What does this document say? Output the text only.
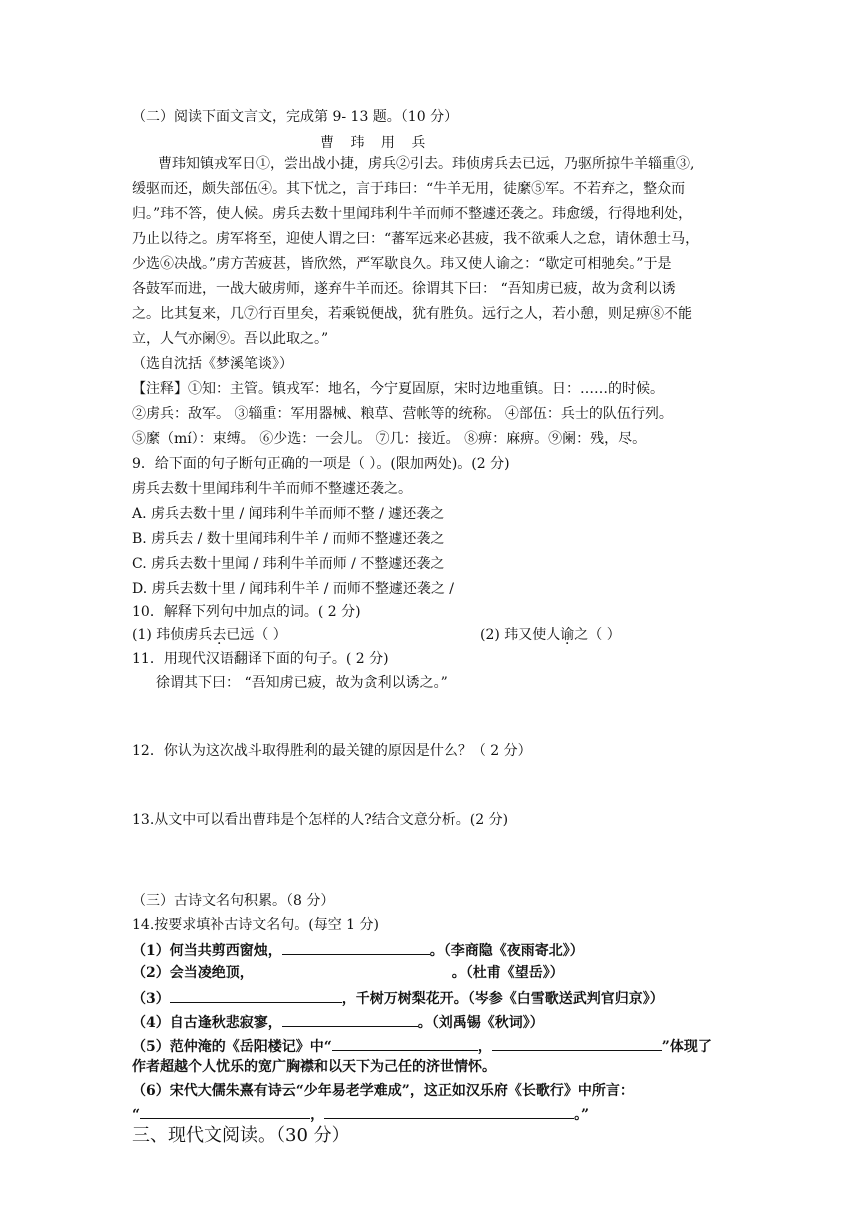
（二）阅读下面文言文，完成第 9- 13 题。（10 分）
曹 玮 用 兵
曹玮知镇戎军日①，尝出战小捷，虏兵②引去。玮侦虏兵去已远，乃驱所掠牛羊辎重③,
缓驱而还，颇失部伍④。其下忧之，言于玮曰：“牛羊无用，徒縻⑤军。不若弃之，整众而
归。”玮不答，使人候。虏兵去数十里闻玮利牛羊而师不整遽还袭之。玮愈缓，行得地利处，
乃止以待之。虏军将至，迎使人谓之曰：“蕃军远来必甚疲，我不欲乘人之怠，请休憩士马，
少选⑥决战。”虏方苦疲甚，皆欣然，严军歇良久。玮又使人谕之：“歇定可相驰矣。”于是
各鼓军而进，一战大破虏师，遂弃牛羊而还。徐谓其下曰： “吾知虏已疲，故为贪利以诱
之。比其复来，几⑦行百里矣，若乘锐便战，犹有胜负。远行之人，若小憩，则足痹⑧不能
立，人气亦阑⑨。吾以此取之。”
（选自沈括《梦溪笔谈》）
【注释】①知：主管。镇戎军：地名，今宁夏固原，宋时边地重镇。日：……的时候。
②虏兵：敌军。 ③辎重：军用器械、粮草、营帐等的统称。 ④部伍：兵士的队伍行列。
⑤縻（mí）：束缚。 ⑥少选：一会儿。 ⑦几：接近。 ⑧痹：麻痹。⑨阑：残，尽。
9．给下面的句子断句正确的一项是（ ）。(限加两处)。(2 分)
虏兵去数十里闻玮利牛羊而师不整遽还袭之。
A. 虏兵去数十里 / 闻玮利牛羊而师不整 / 遽还袭之
B. 虏兵去 / 数十里闻玮利牛羊 / 而师不整遽还袭之
C. 虏兵去数十里闻 / 玮利牛羊而师 / 不整遽还袭之
D. 虏兵去数十里 / 闻玮利牛羊 / 而师不整遽还袭之 /
10．解释下列句中加点的词。( 2 分)
(1) 玮侦虏兵去已远（ ）	(2) 玮又使人谕之（ ）
11．用现代汉语翻译下面的句子。( 2 分)
徐谓其下曰： “吾知虏已疲，故为贪利以诱之。”
12．你认为这次战斗取得胜利的最关键的原因是什么？（ 2 分）
13.从文中可以看出曹玮是个怎样的人?结合文意分析。(2 分)
（三）古诗文名句积累。（8 分）
14.按要求填补古诗文名句。(每空 1 分)
（1）何当共剪西窗烛，	。（李商隐《夜雨寄北》）
（2）会当凌绝顶，	。（杜甫《望岳》）
（3）	，千树万树梨花开。（岑参《白雪歌送武判官归京》）
（4）自古逢秋悲寂寥，	。（刘禹锡《秋词》）
（5）范仲淹的《岳阳楼记》中“	，	”体现了
作者超越个人忧乐的宽广胸襟和以天下为己任的济世情怀。
（6）宋代大儒朱熹有诗云“少年易老学难成”，这正如汉乐府《长歌行》中所言：
“	，	。”
三、现代文阅读。（30 分）
